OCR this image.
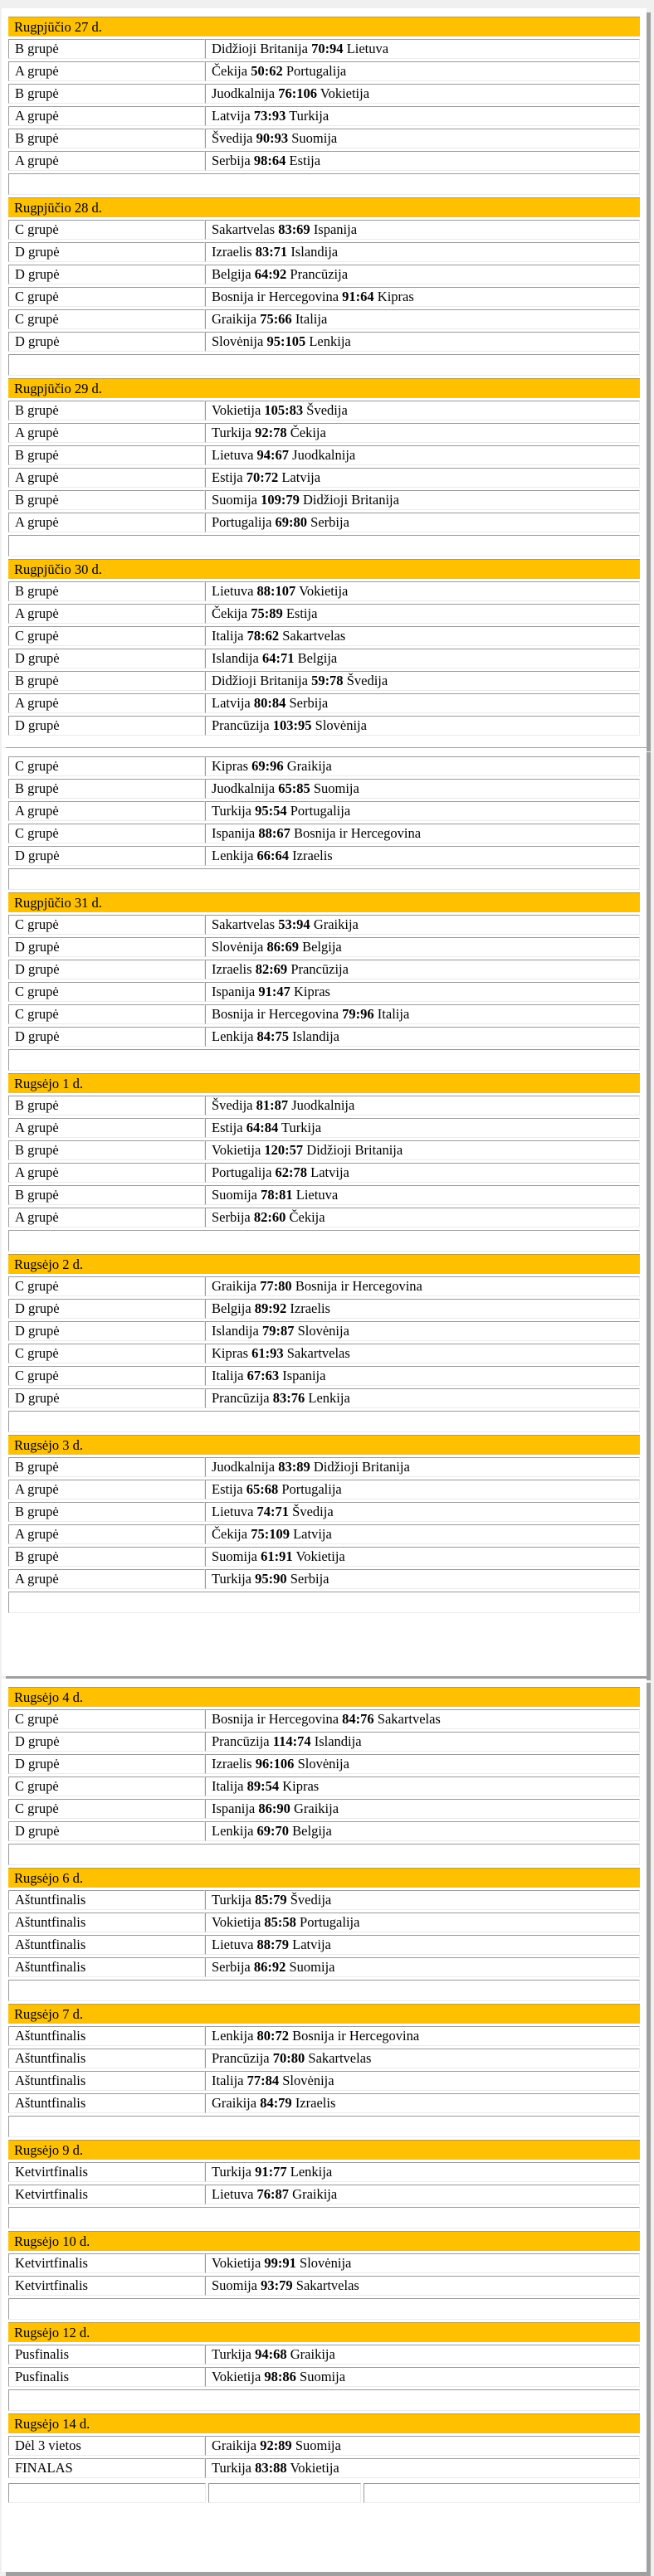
Rugpjūčio 27 d.	
B grupė	Didžioji Britanija 70:94 Lietuva
A grupė	Čekija 50:62 Portugalija
B grupė	Juodkalnija 76:106 Vokietija
A grupė	Latvija 73:93 Turkija
B grupė	Švedija 90:93 Suomija
A grupė	Serbija 98:64 Estija

Rugpjūčio 28 d.	
C grupė	Sakartvelas 83:69 Ispanija
D grupė	Izraelis 83:71 Islandija
D grupė	Belgija 64:92 Prancūzija
C grupė	Bosnija ir Hercegovina 91:64 Kipras
C grupė	Graikija 75:66 Italija
D grupė	Slovėnija 95:105 Lenkija

Rugpjūčio 29 d.	
B grupė	Vokietija 105:83 Švedija
A grupė	Turkija 92:78 Čekija
B grupė	Lietuva 94:67 Juodkalnija
A grupė	Estija 70:72 Latvija
B grupė	Suomija 109:79 Didžioji Britanija
A grupė	Portugalija 69:80 Serbija

Rugpjūčio 30 d.	
B grupė	Lietuva 88:107 Vokietija
A grupė	Čekija 75:89 Estija
C grupė	Italija 78:62 Sakartvelas
D grupė	Islandija 64:71 Belgija
B grupė	Didžioji Britanija 59:78 Švedija
A grupė	Latvija 80:84 Serbija
D grupė	Prancūzija 103:95 Slovėnija
C grupė	Kipras 69:96 Graikija
B grupė	Juodkalnija 65:85 Suomija
A grupė	Turkija 95:54 Portugalija
C grupė	Ispanija 88:67 Bosnija ir Hercegovina
D grupė	Lenkija 66:64 Izraelis

Rugpjūčio 31 d.	
C grupė	Sakartvelas 53:94 Graikija
D grupė	Slovėnija 86:69 Belgija
D grupė	Izraelis 82:69 Prancūzija
C grupė	Ispanija 91:47 Kipras
C grupė	Bosnija ir Hercegovina 79:96 Italija
D grupė	Lenkija 84:75 Islandija

Rugsėjo 1 d.	
B grupė	Švedija 81:87 Juodkalnija
A grupė	Estija 64:84 Turkija
B grupė	Vokietija 120:57 Didžioji Britanija
A grupė	Portugalija 62:78 Latvija
B grupė	Suomija 78:81 Lietuva
A grupė	Serbija 82:60 Čekija

Rugsėjo 2 d.	
C grupė	Graikija 77:80 Bosnija ir Hercegovina
D grupė	Belgija 89:92 Izraelis
D grupė	Islandija 79:87 Slovėnija
C grupė	Kipras 61:93 Sakartvelas
C grupė	Italija 67:63 Ispanija
D grupė	Prancūzija 83:76 Lenkija

Rugsėjo 3 d.	
B grupė	Juodkalnija 83:89 Didžioji Britanija
A grupė	Estija 65:68 Portugalija
B grupė	Lietuva 74:71 Švedija
A grupė	Čekija 75:109 Latvija
B grupė	Suomija 61:91 Vokietija
A grupė	Turkija 95:90 Serbija

Rugsėjo 4 d.	
C grupė	Bosnija ir Hercegovina 84:76 Sakartvelas
D grupė	Prancūzija 114:74 Islandija
D grupė	Izraelis 96:106 Slovėnija
C grupė	Italija 89:54 Kipras
C grupė	Ispanija 86:90 Graikija
D grupė	Lenkija 69:70 Belgija

Rugsėjo 6 d.	
Aštuntfinalis	Turkija 85:79 Švedija
Aštuntfinalis	Vokietija 85:58 Portugalija
Aštuntfinalis	Lietuva 88:79 Latvija
Aštuntfinalis	Serbija 86:92 Suomija

Rugsėjo 7 d.	
Aštuntfinalis	Lenkija 80:72 Bosnija ir Hercegovina
Aštuntfinalis	Prancūzija 70:80 Sakartvelas
Aštuntfinalis	Italija 77:84 Slovėnija
Aštuntfinalis	Graikija 84:79 Izraelis

Rugsėjo 9 d.	
Ketvirtfinalis	Turkija 91:77 Lenkija
Ketvirtfinalis	Lietuva 76:87 Graikija

Rugsėjo 10 d.	
Ketvirtfinalis	Vokietija 99:91 Slovėnija
Ketvirtfinalis	Suomija 93:79 Sakartvelas

Rugsėjo 12 d.	
Pusfinalis	Turkija 94:68 Graikija
Pusfinalis	Vokietija 98:86 Suomija

Rugsėjo 14 d.	
Dėl 3 vietos	Graikija 92:89 Suomija
FINALAS	Turkija 83:88 Vokietija
